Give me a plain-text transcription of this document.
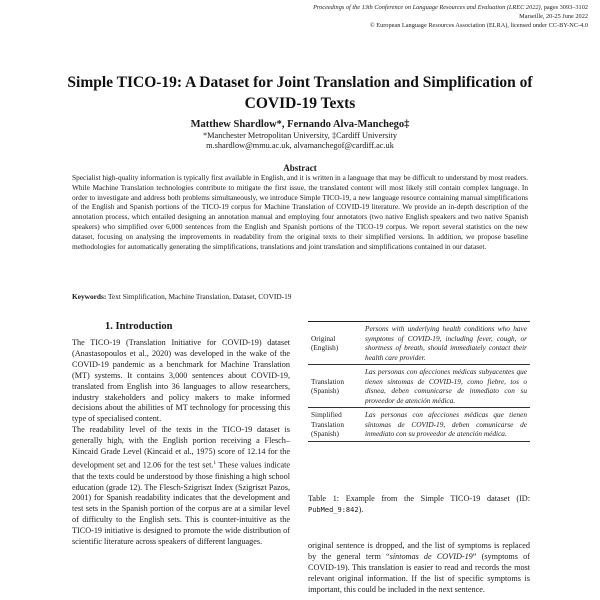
Proceedings of the 13th Conference on Language Resources and Evaluation (LREC 2022), pages 3093–3102
Marseille, 20-25 June 2022
© European Language Resources Association (ELRA), licensed under CC-BY-NC-4.0
Simple TICO-19: A Dataset for Joint Translation and Simplification of COVID-19 Texts
Matthew Shardlow*, Fernando Alva-Manchego‡
*Manchester Metropolitan University, ‡Cardiff University
m.shardlow@mmu.ac.uk, alvamanchegof@cardiff.ac.uk
Abstract
Specialist high-quality information is typically first available in English, and it is written in a language that may be difficult to understand by most readers. While Machine Translation technologies contribute to mitigate the first issue, the translated content will most likely still contain complex language. In order to investigate and address both problems simultaneously, we introduce Simple TICO-19, a new language resource containing manual simplifications of the English and Spanish portions of the TICO-19 corpus for Machine Translation of COVID-19 literature. We provide an in-depth description of the annotation process, which entailed designing an annotation manual and employing four annotators (two native English speakers and two native Spanish speakers) who simplified over 6,000 sentences from the English and Spanish portions of the TICO-19 corpus. We report several statistics on the new dataset, focusing on analysing the improvements in readability from the original texts to their simplified versions. In addition, we propose baseline methodologies for automatically generating the simplifications, translations and joint translation and simplifications contained in our dataset.
Keywords: Text Simplification, Machine Translation, Dataset, COVID-19
1. Introduction

The TICO-19 (Translation Initiative for COVID-19) dataset (Anastasopoulos et al., 2020) was developed in the wake of the COVID-19 pandemic as a benchmark for Machine Translation (MT) systems. It contains 3,000 sentences about COVID-19, translated from English into 36 languages to allow researchers, industry stakeholders and policy makers to make informed decisions about the abilities of MT technology for processing this type of specialised content.

The readability level of the texts in the TICO-19 dataset is generally high, with the English portion receiving a Flesch–Kincaid Grade Level (Kincaid et al., 1975) score of 12.14 for the development set and 12.06 for the test set.$^1$ These values indicate that the texts could be understood by those finishing a high school education (grade 12). The Flesch-Szigriszt Index (Szigriszt Pazos, 2001) for Spanish readability indicates that the development and test sets in the Spanish portion of the corpus are at a similar level of difficulty to the English sets. This is counter-intuitive as the TICO-19 initiative is designed to promote the wide distribution of scientific literature across speakers of different languages.

Original (English)	Persons with underlying health conditions who have symptoms of COVID-19, including fever, cough, or shortness of breath, should immediately contact their health care provider.
Translation (Spanish)	Las personas con afecciones médicas subyacentes que tienen síntomas de COVID-19, como fiebre, tos o disnea, deben comunicarse de inmediato con su proveedor de atención médica.
Simplified Translation (Spanish)	Las personas con afecciones médicas que tienen síntomas de COVID-19, deben comunicarse de inmediato con su proveedor de atención médica.
Table 1: Example from the Simple TICO-19 dataset (ID: PubMed_9:842).
original sentence is dropped, and the list of symptoms is replaced by the general term “síntomas de COVID-19” (symptoms of COVID-19). This translation is easier to read and records the most relevant original information. If the list of specific symptoms is important, this could be included in the next sentence.
